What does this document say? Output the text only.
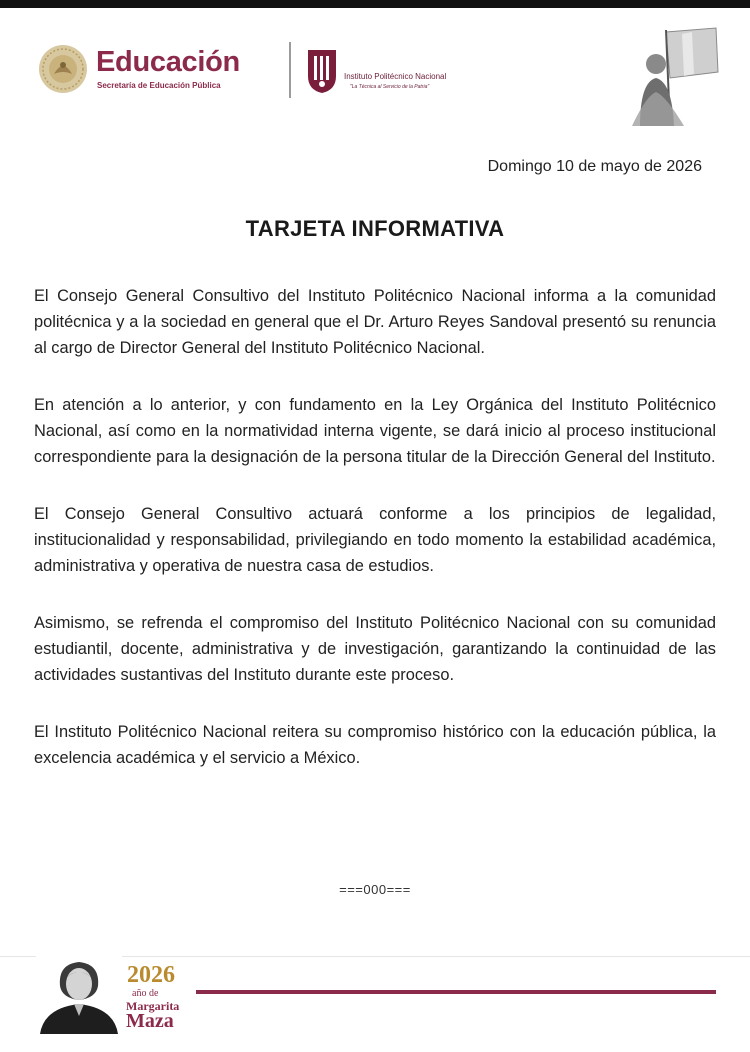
Educación
Secretaría de Educación Pública
Instituto Politécnico Nacional
"La Técnica al Servicio de la Patria"
Domingo 10 de mayo de 2026
TARJETA INFORMATIVA

El Consejo General Consultivo del Instituto Politécnico Nacional informa a la comunidad politécnica y a la sociedad en general que el Dr. Arturo Reyes Sandoval presentó su renuncia al cargo de Director General del Instituto Politécnico Nacional.

En atención a lo anterior, y con fundamento en la Ley Orgánica del Instituto Politécnico Nacional, así como en la normatividad interna vigente, se dará inicio al proceso institucional correspondiente para la designación de la persona titular de la Dirección General del Instituto.

El Consejo General Consultivo actuará conforme a los principios de legalidad, institucionalidad y responsabilidad, privilegiando en todo momento la estabilidad académica, administrativa y operativa de nuestra casa de estudios.

Asimismo, se refrenda el compromiso del Instituto Politécnico Nacional con su comunidad estudiantil, docente, administrativa y de investigación, garantizando la continuidad de las actividades sustantivas del Instituto durante este proceso.

El Instituto Politécnico Nacional reitera su compromiso histórico con la educación pública, la excelencia académica y el servicio a México.

===000===
2026
año de
Margarita
Maza
